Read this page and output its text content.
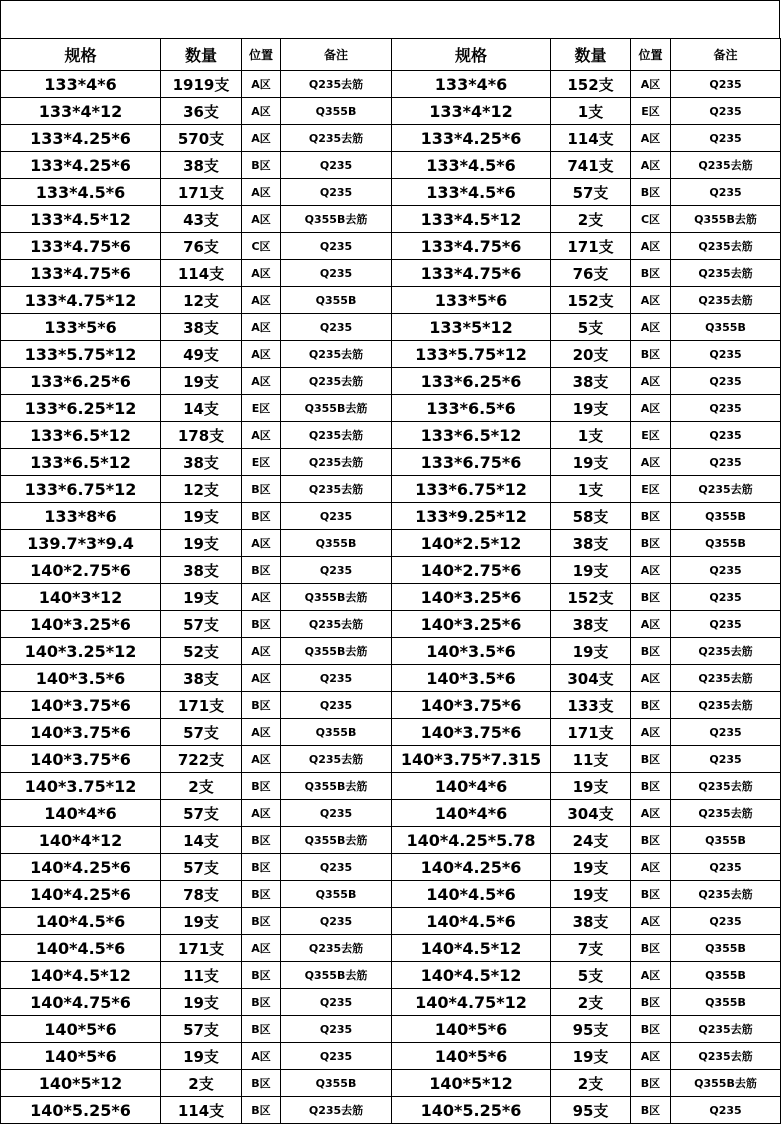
规格	数量	位置	备注	规格	数量	位置	备注
133*4*6	1919支	A区	Q235去筋	133*4*6	152支	A区	Q235
133*4*12	36支	A区	Q355B	133*4*12	1支	E区	Q235
133*4.25*6	570支	A区	Q235去筋	133*4.25*6	114支	A区	Q235
133*4.25*6	38支	B区	Q235	133*4.5*6	741支	A区	Q235去筋
133*4.5*6	171支	A区	Q235	133*4.5*6	57支	B区	Q235
133*4.5*12	43支	A区	Q355B去筋	133*4.5*12	2支	C区	Q355B去筋
133*4.75*6	76支	C区	Q235	133*4.75*6	171支	A区	Q235去筋
133*4.75*6	114支	A区	Q235	133*4.75*6	76支	B区	Q235去筋
133*4.75*12	12支	A区	Q355B	133*5*6	152支	A区	Q235去筋
133*5*6	38支	A区	Q235	133*5*12	5支	A区	Q355B
133*5.75*12	49支	A区	Q235去筋	133*5.75*12	20支	B区	Q235
133*6.25*6	19支	A区	Q235去筋	133*6.25*6	38支	A区	Q235
133*6.25*12	14支	E区	Q355B去筋	133*6.5*6	19支	A区	Q235
133*6.5*12	178支	A区	Q235去筋	133*6.5*12	1支	E区	Q235
133*6.5*12	38支	E区	Q235去筋	133*6.75*6	19支	A区	Q235
133*6.75*12	12支	B区	Q235去筋	133*6.75*12	1支	E区	Q235去筋
133*8*6	19支	B区	Q235	133*9.25*12	58支	B区	Q355B
139.7*3*9.4	19支	A区	Q355B	140*2.5*12	38支	B区	Q355B
140*2.75*6	38支	B区	Q235	140*2.75*6	19支	A区	Q235
140*3*12	19支	A区	Q355B去筋	140*3.25*6	152支	B区	Q235
140*3.25*6	57支	B区	Q235去筋	140*3.25*6	38支	A区	Q235
140*3.25*12	52支	A区	Q355B去筋	140*3.5*6	19支	B区	Q235去筋
140*3.5*6	38支	A区	Q235	140*3.5*6	304支	A区	Q235去筋
140*3.75*6	171支	B区	Q235	140*3.75*6	133支	B区	Q235去筋
140*3.75*6	57支	A区	Q355B	140*3.75*6	171支	A区	Q235
140*3.75*6	722支	A区	Q235去筋	140*3.75*7.315	11支	B区	Q235
140*3.75*12	2支	B区	Q355B去筋	140*4*6	19支	B区	Q235去筋
140*4*6	57支	A区	Q235	140*4*6	304支	A区	Q235去筋
140*4*12	14支	B区	Q355B去筋	140*4.25*5.78	24支	B区	Q355B
140*4.25*6	57支	B区	Q235	140*4.25*6	19支	A区	Q235
140*4.25*6	78支	B区	Q355B	140*4.5*6	19支	B区	Q235去筋
140*4.5*6	19支	B区	Q235	140*4.5*6	38支	A区	Q235
140*4.5*6	171支	A区	Q235去筋	140*4.5*12	7支	B区	Q355B
140*4.5*12	11支	B区	Q355B去筋	140*4.5*12	5支	A区	Q355B
140*4.75*6	19支	B区	Q235	140*4.75*12	2支	B区	Q355B
140*5*6	57支	B区	Q235	140*5*6	95支	B区	Q235去筋
140*5*6	19支	A区	Q235	140*5*6	19支	A区	Q235去筋
140*5*12	2支	B区	Q355B	140*5*12	2支	B区	Q355B去筋
140*5.25*6	114支	B区	Q235去筋	140*5.25*6	95支	B区	Q235
